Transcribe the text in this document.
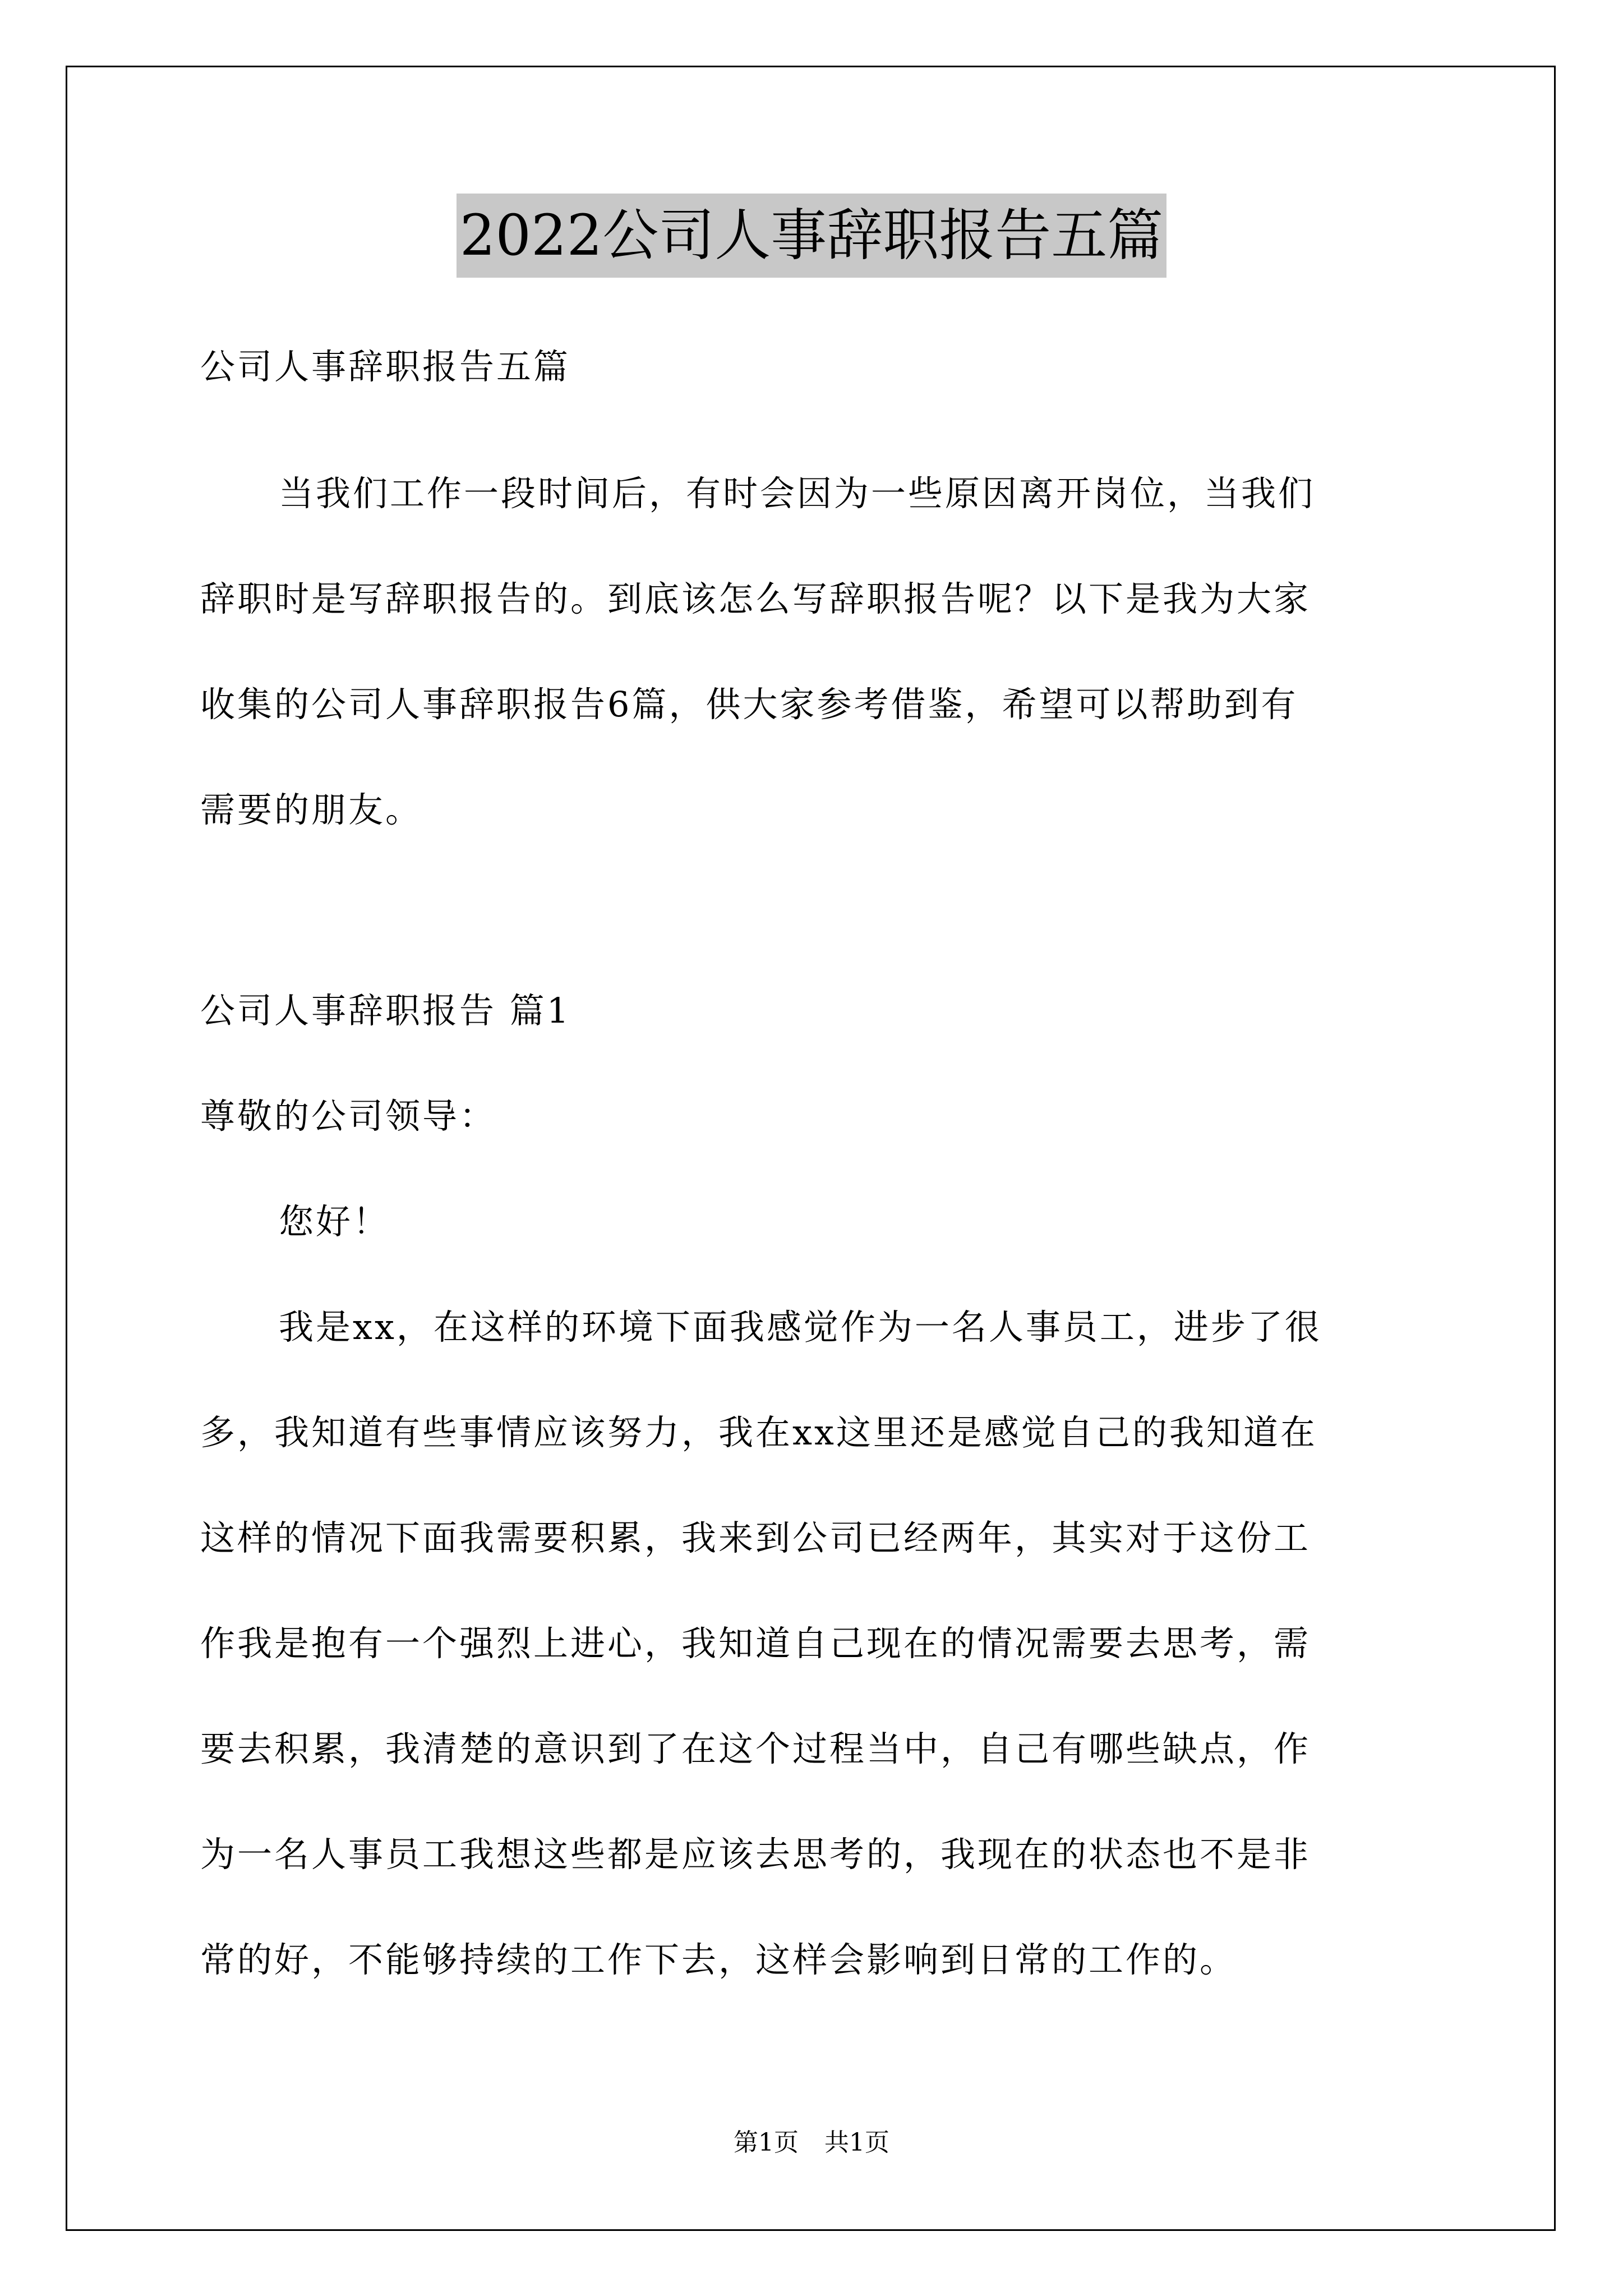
2022公司人事辞职报告五篇

公司人事辞职报告五篇

当我们工作一段时间后，有时会因为一些原因离开岗位，当我们

辞职时是写辞职报告的。到底该怎么写辞职报告呢？以下是我为大家

收集的公司人事辞职报告6篇，供大家参考借鉴，希望可以帮助到有

需要的朋友。

公司人事辞职报告 篇1

尊敬的公司领导：

您好！

我是xx，在这样的环境下面我感觉作为一名人事员工，进步了很

多，我知道有些事情应该努力，我在xx这里还是感觉自己的我知道在

这样的情况下面我需要积累，我来到公司已经两年，其实对于这份工

作我是抱有一个强烈上进心，我知道自己现在的情况需要去思考，需

要去积累，我清楚的意识到了在这个过程当中，自己有哪些缺点，作

为一名人事员工我想这些都是应该去思考的，我现在的状态也不是非

常的好，不能够持续的工作下去，这样会影响到日常的工作的。

第1页 共1页
